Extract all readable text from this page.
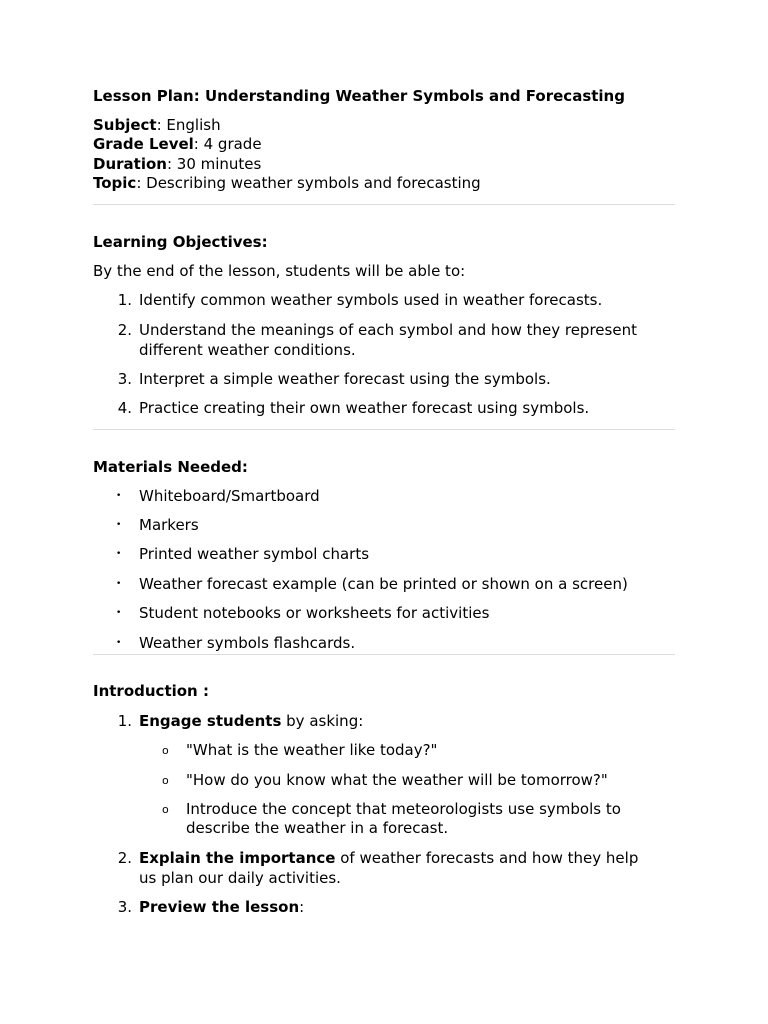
Lesson Plan: Understanding Weather Symbols and Forecasting
Subject: English
Grade Level: 4 grade
Duration: 30 minutes
Topic: Describing weather symbols and forecasting
Learning Objectives:
By the end of the lesson, students will be able to:
1. Identify common weather symbols used in weather forecasts.
2. Understand the meanings of each symbol and how they represent
different weather conditions.
3. Interpret a simple weather forecast using the symbols.
4. Practice creating their own weather forecast using symbols.
Materials Needed:
• Whiteboard/Smartboard
• Markers
• Printed weather symbol charts
• Weather forecast example (can be printed or shown on a screen)
• Student notebooks or worksheets for activities
• Weather symbols flashcards.
Introduction :
1. Engage students by asking:
o "What is the weather like today?"
o "How do you know what the weather will be tomorrow?"
o Introduce the concept that meteorologists use symbols to
describe the weather in a forecast.
2. Explain the importance of weather forecasts and how they help
us plan our daily activities.
3. Preview the lesson:
